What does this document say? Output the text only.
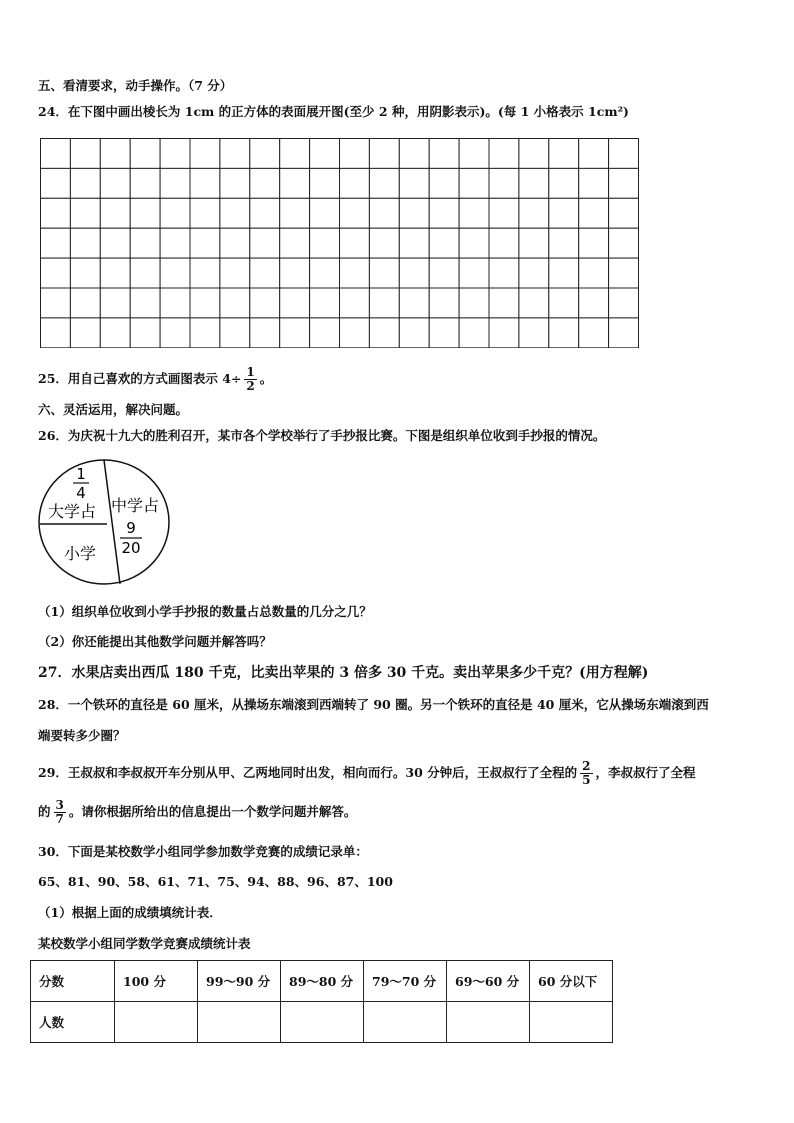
五、看清要求，动手操作。（7 分）
24．在下图中画出棱长为 1cm 的正方体的表面展开图(至少 2 种，用阴影表示)。(每 1 小格表示 1cm²)
25．用自己喜欢的方式画图表示 $4\div \frac{1}{2}$ 。
六、灵活运用，解决问题。
26．为庆祝十九大的胜利召开，某市各个学校举行了手抄报比赛。下图是组织单位收到手抄报的情况。
1
4
大学占 中学占
9
20
小学
（1）组织单位收到小学手抄报的数量占总数量的几分之几？
（2）你还能提出其他数学问题并解答吗？
27．水果店卖出西瓜 180 千克，比卖出苹果的 3 倍多 30 千克。卖出苹果多少千克？(用方程解)
28．一个铁环的直径是 60 厘米，从操场东端滚到西端转了 90 圈。另一个铁环的直径是 40 厘米，它从操场东端滚到西
端要转多少圈？
29．王叔叔和李叔叔开车分别从甲、乙两地同时出发，相向而行。30 分钟后，王叔叔行了全程的 $\frac{2}{5}$ ，李叔叔行了全程
的 $\frac{3}{7}$ 。请你根据所给出的信息提出一个数学问题并解答。
30．下面是某校数学小组同学参加数学竞赛的成绩记录单：
65、81、90、58、61、71、75、94、88、96、87、100
（1）根据上面的成绩填统计表．
某校数学小组同学数学竞赛成绩统计表
分数	100 分	99～90 分	89～80 分	79～70 分	69～60 分	60 分以下
人数						
